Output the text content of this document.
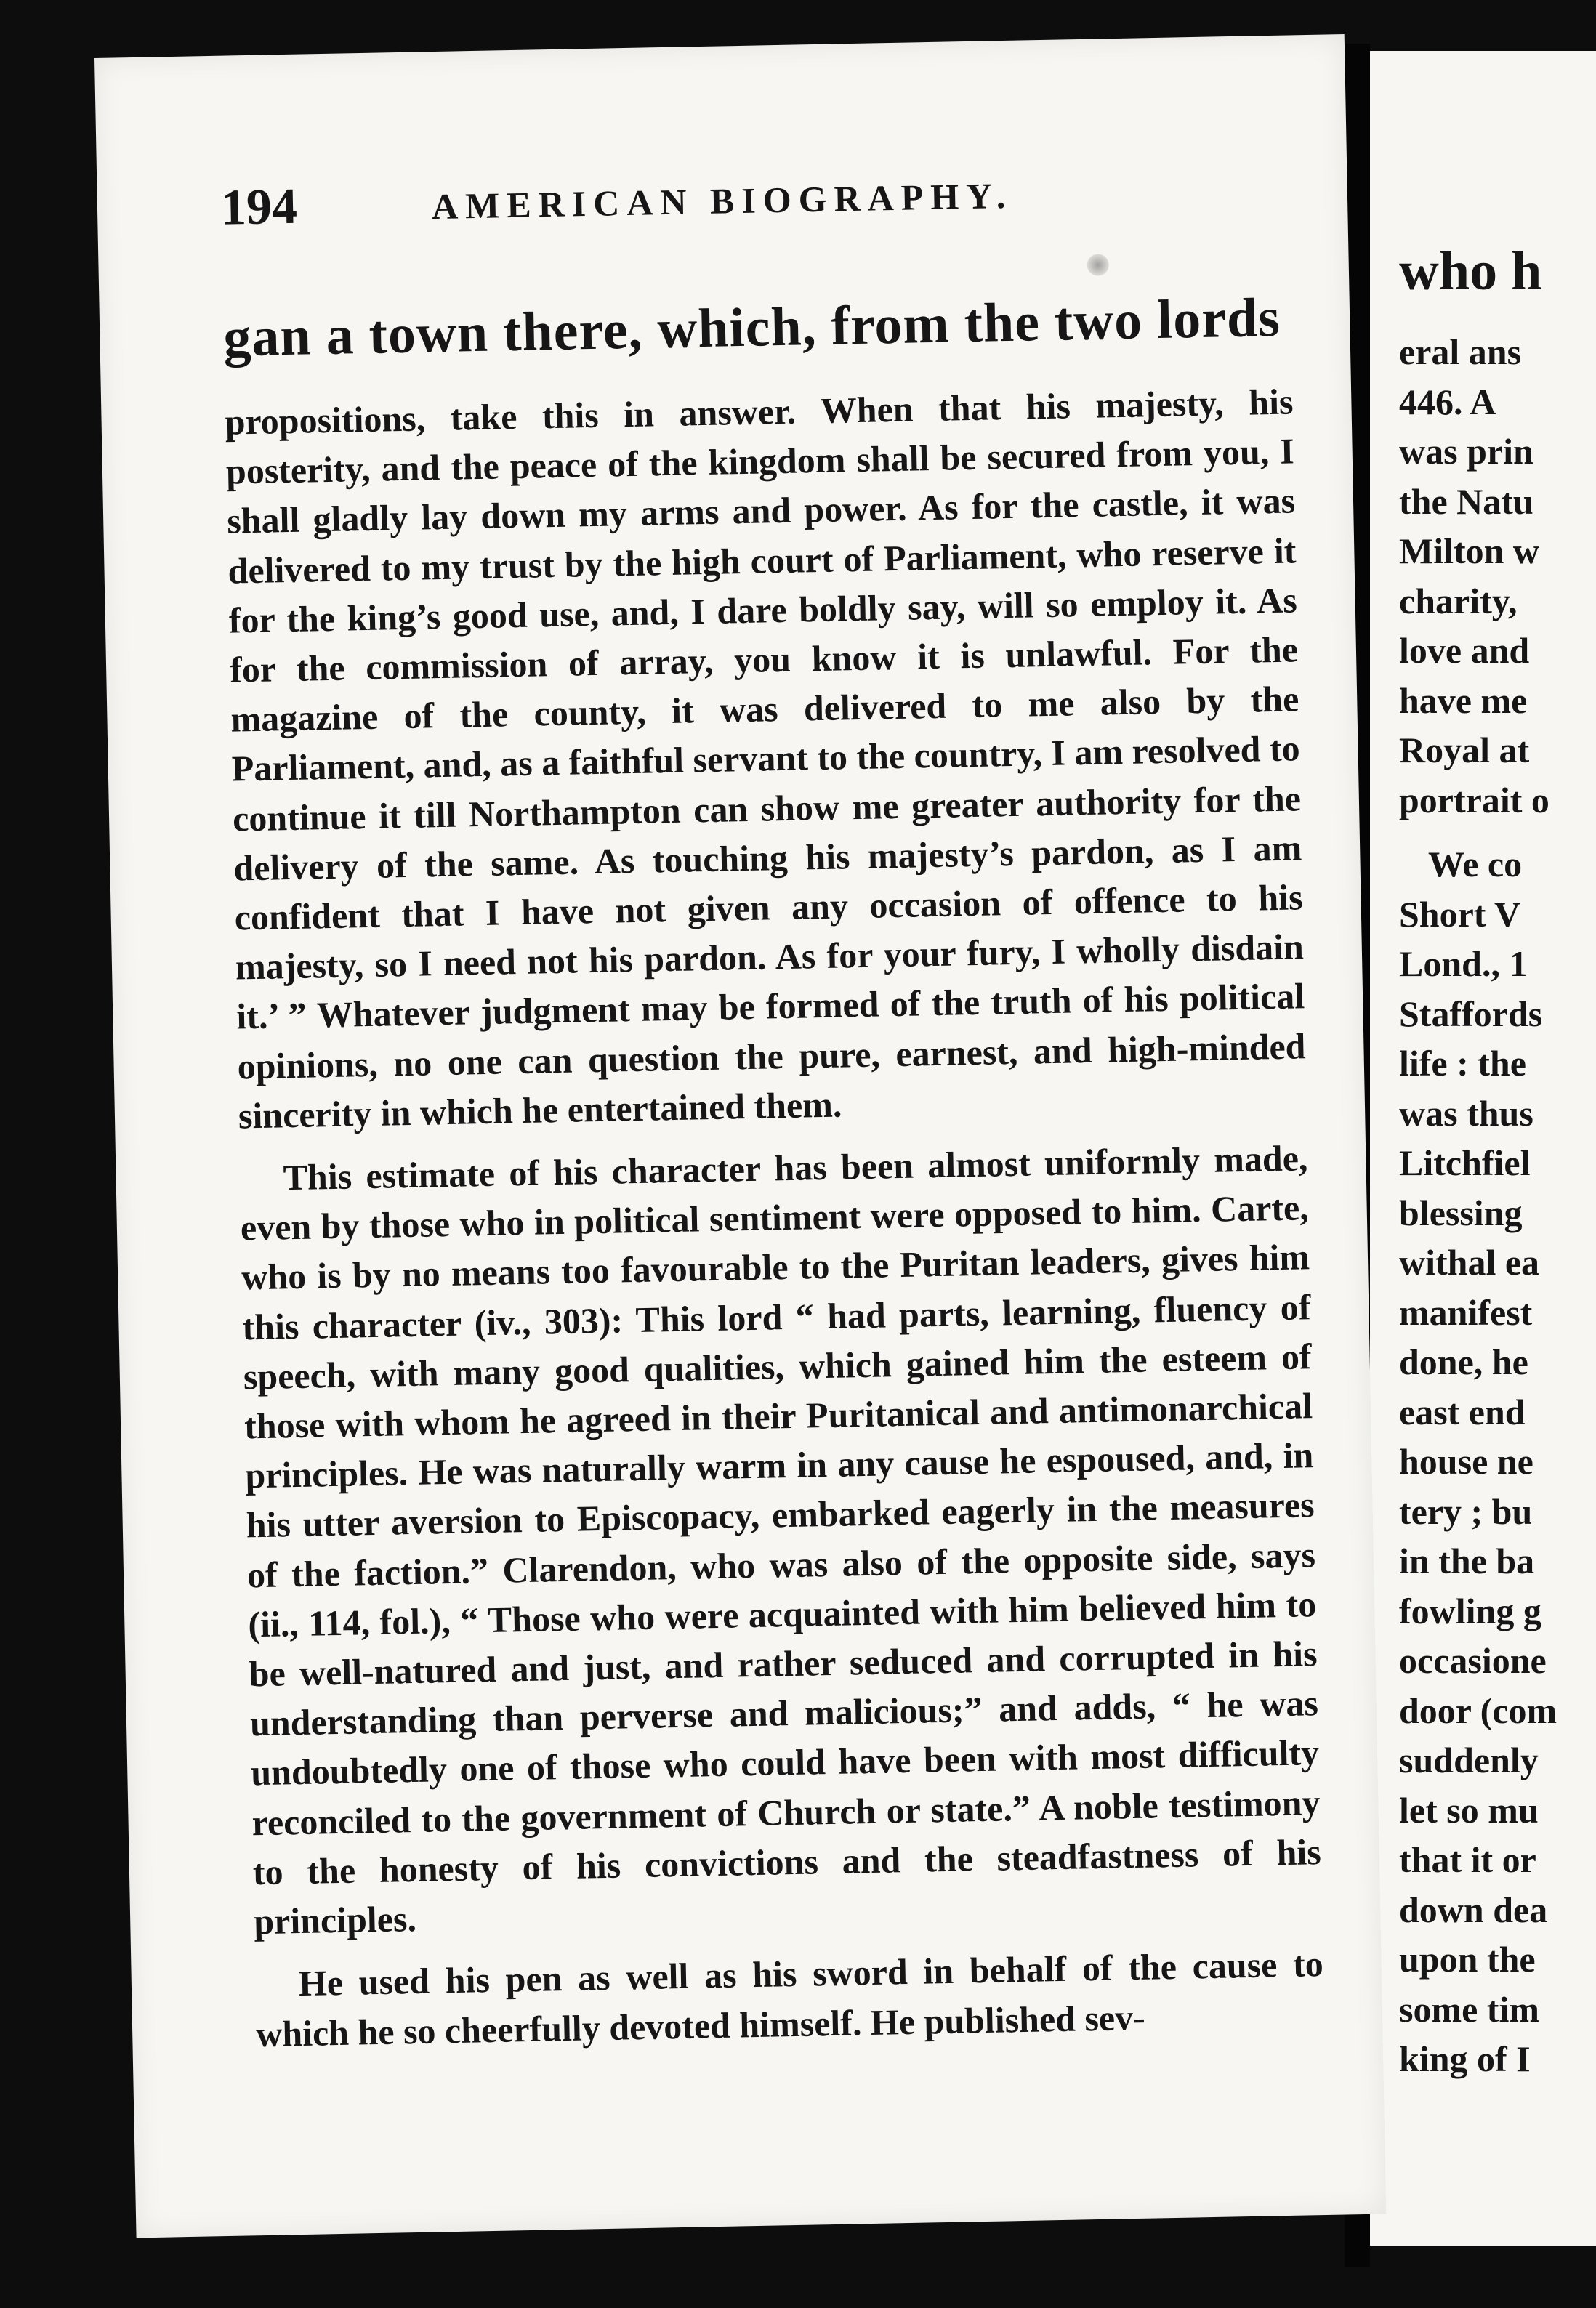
who h
eral ans
446. A
was prin
the Natu
Milton w
charity,
love and
have me
Royal at
portrait o
We co
Short V
Lond., 1
Staffords
life : the
was thus
Litchfiel
blessing
withal ea
manifest
done, he
east end
house ne
tery ; bu
in the ba
fowling g
occasione
door (com
suddenly
let so mu
that it or
down dea
upon the
some tim
king of I
194	AMERICAN BIOGRAPHY.
gan a town there, which, from the two lords

propositions, take this in answer. When that his majesty, his posterity, and the peace of the kingdom shall be secured from you, I shall gladly lay down my arms and power. As for the castle, it was delivered to my trust by the high court of Parliament, who reserve it for the king’s good use, and, I dare boldly say, will so employ it. As for the commission of array, you know it is unlawful. For the magazine of the county, it was delivered to me also by the Parliament, and, as a faithful servant to the country, I am resolved to continue it till Northampton can show me greater authority for the delivery of the same. As touching his majesty’s pardon, as I am confident that I have not given any occasion of offence to his majesty, so I need not his pardon. As for your fury, I wholly disdain it.’ ” Whatever judgment may be formed of the truth of his political opinions, no one can question the pure, earnest, and high-minded sincerity in which he entertained them.

This estimate of his character has been almost uniformly made, even by those who in political sentiment were opposed to him. Carte, who is by no means too favourable to the Puritan leaders, gives him this character (iv., 303): This lord “ had parts, learning, fluency of speech, with many good qualities, which gained him the esteem of those with whom he agreed in their Puritanical and antimonarchical principles. He was naturally warm in any cause he espoused, and, in his utter aversion to Episcopacy, embarked eagerly in the measures of the faction.” Clarendon, who was also of the opposite side, says (ii., 114, fol.), “ Those who were acquainted with him believed him to be well-natured and just, and rather seduced and corrupted in his understanding than perverse and malicious;” and adds, “ he was undoubtedly one of those who could have been with most difficulty reconciled to the government of Church or state.” A noble testimony to the honesty of his convictions and the steadfastness of his principles.

He used his pen as well as his sword in behalf of the cause to which he so cheerfully devoted himself. He published sev-
